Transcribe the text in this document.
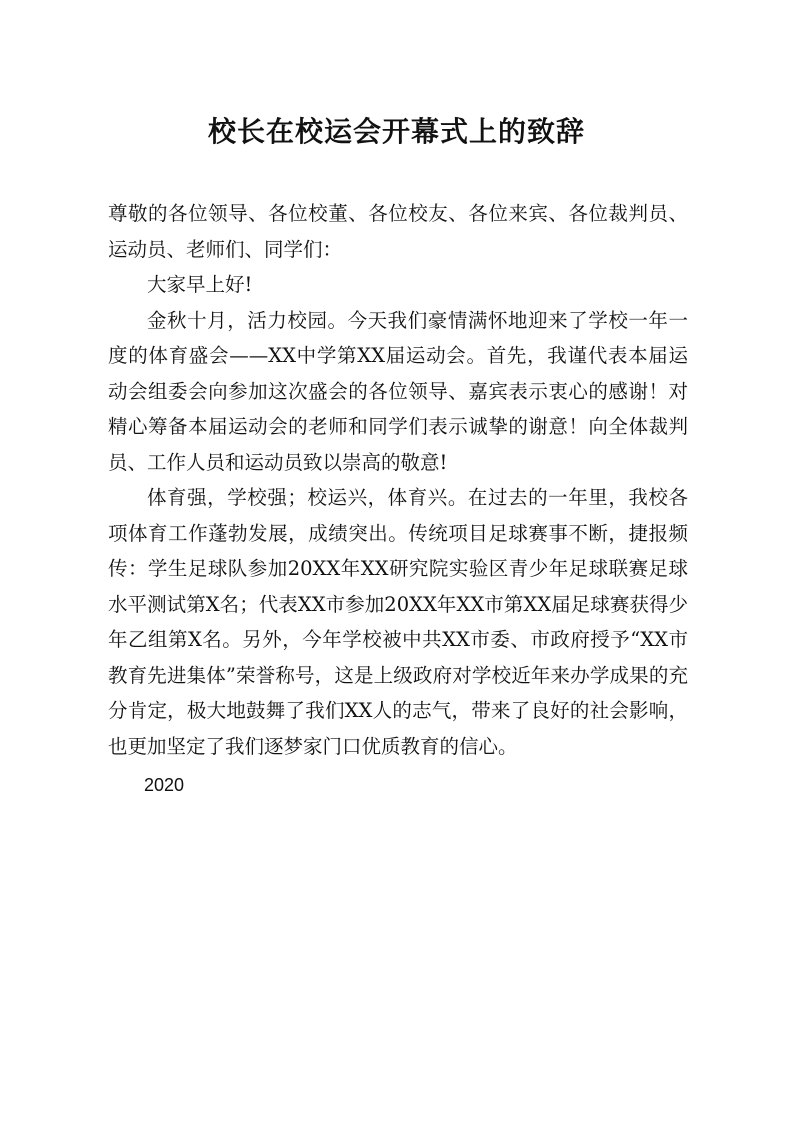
校长在校运会开幕式上的致辞

尊敬的各位领导、各位校董、各位校友、各位来宾、各位裁判员、运动员、老师们、同学们：

大家早上好!

金秋十月，活力校园。今天我们豪情满怀地迎来了学校一年一度的体育盛会——XX中学第XX届运动会。首先，我谨代表本届运动会组委会向参加这次盛会的各位领导、嘉宾表示衷心的感谢！对精心筹备本届运动会的老师和同学们表示诚挚的谢意！向全体裁判员、工作人员和运动员致以崇高的敬意!

体育强，学校强；校运兴，体育兴。在过去的一年里，我校各项体育工作蓬勃发展，成绩突出。传统项目足球赛事不断，捷报频传：学生足球队参加20XX年XX研究院实验区青少年足球联赛足球水平测试第X名；代表XX市参加20XX年XX市第XX届足球赛获得少年乙组第X名。另外，今年学校被中共XX市委、市政府授予“XX市教育先进集体”荣誉称号，这是上级政府对学校近年来办学成果的充分肯定，极大地鼓舞了我们XX人的志气，带来了良好的社会影响，也更加坚定了我们逐梦家门口优质教育的信心。

2020
